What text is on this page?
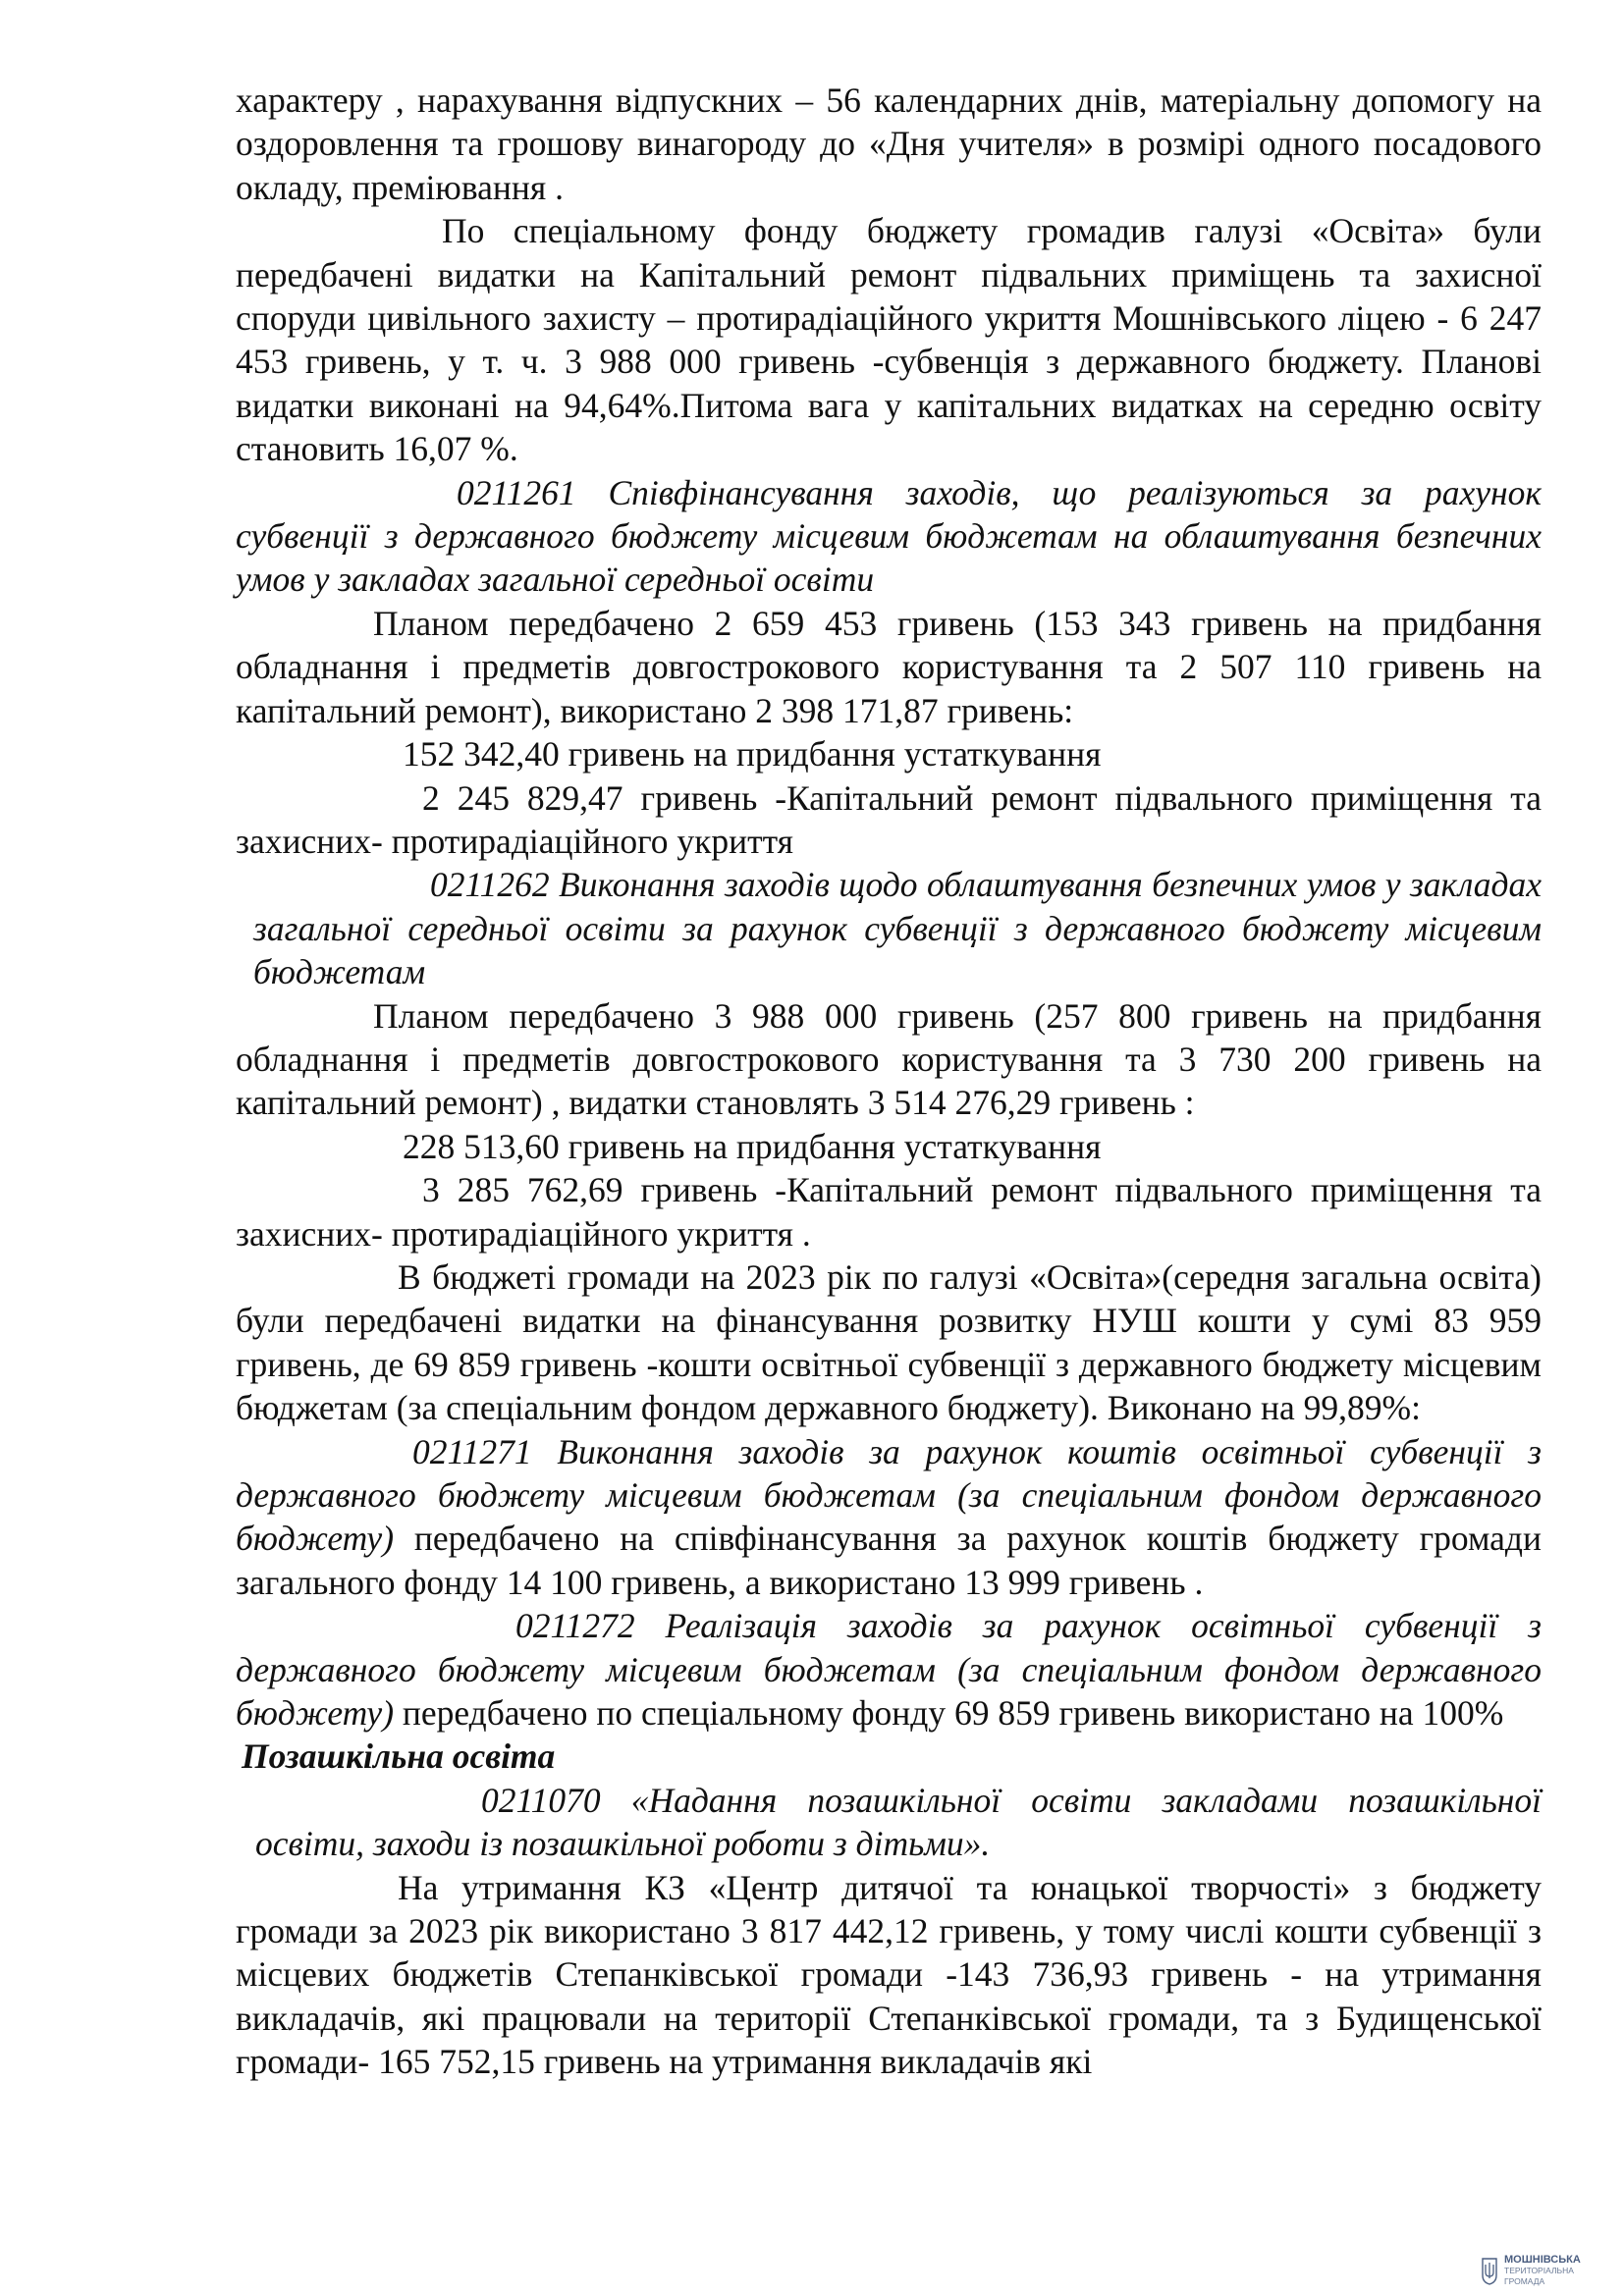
характеру , нарахування відпускних – 56 календарних днів, матеріальну допомогу на оздоровлення та грошову винагороду до «Дня учителя» в розмірі одного посадового окладу, преміювання .

По спеціальному фонду бюджету громадив галузі «Освіта» були передбачені видатки на Капітальний ремонт підвальних приміщень та захисної споруди цивільного захисту – протирадіаційного укриття Мошнівського ліцею - 6 247 453 гривень, у т. ч. 3 988 000 гривень -субвенція з державного бюджету. Планові видатки виконані на 94,64%.Питома вага у капітальних видатках на середню освіту становить 16,07 %.

0211261 Співфінансування заходів, що реалізуються за рахунок субвенції з державного бюджету місцевим бюджетам на облаштування безпечних умов у закладах загальної середньої освіти

Планом передбачено 2 659 453 гривень (153 343 гривень на придбання обладнання і предметів довгострокового користування та 2 507 110 гривень на капітальний ремонт), використано 2 398 171,87 гривень:

152 342,40 гривень на придбання устаткування

2 245 829,47 гривень -Капітальний ремонт підвального приміщення та захисних- протирадіаційного укриття

0211262 Виконання заходів щодо облаштування безпечних умов у закладах загальної середньої освіти за рахунок субвенції з державного бюджету місцевим бюджетам

Планом передбачено 3 988 000 гривень (257 800 гривень на придбання обладнання і предметів довгострокового користування та 3 730 200 гривень на капітальний ремонт) , видатки становлять 3 514 276,29 гривень :

228 513,60 гривень на придбання устаткування

3 285 762,69 гривень -Капітальний ремонт підвального приміщення та захисних- протирадіаційного укриття .

В бюджеті громади на 2023 рік по галузі «Освіта»(середня загальна освіта) були передбачені видатки на фінансування розвитку НУШ кошти у сумі 83 959 гривень, де 69 859 гривень -кошти освітньої субвенції з державного бюджету місцевим бюджетам (за спеціальним фондом державного бюджету). Виконано на 99,89%:

0211271 Виконання заходів за рахунок коштів освітньої субвенції з державного бюджету місцевим бюджетам (за спеціальним фондом державного бюджету) передбачено на співфінансування за рахунок коштів бюджету громади загального фонду 14 100 гривень, а використано 13 999 гривень .

0211272 Реалізація заходів за рахунок освітньої субвенції з державного бюджету місцевим бюджетам (за спеціальним фондом державного бюджету) передбачено по спеціальному фонду 69 859 гривень використано на 100%

Позашкільна освіта

0211070 «Надання позашкільної освіти закладами позашкільної освіти, заходи із позашкільної роботи з дітьми».

На утримання КЗ «Центр дитячої та юнацької творчості» з бюджету громади за 2023 рік використано 3 817 442,12 гривень, у тому числі кошти субвенції з місцевих бюджетів Степанківської громади -143 736,93 гривень - на утримання викладачів, які працювали на території Степанківської громади, та з Будищенської громади- 165 752,15 гривень на утримання викладачів які

МОШНІВСЬКА
ТЕРИТОРІАЛЬНА
ГРОМАДА
